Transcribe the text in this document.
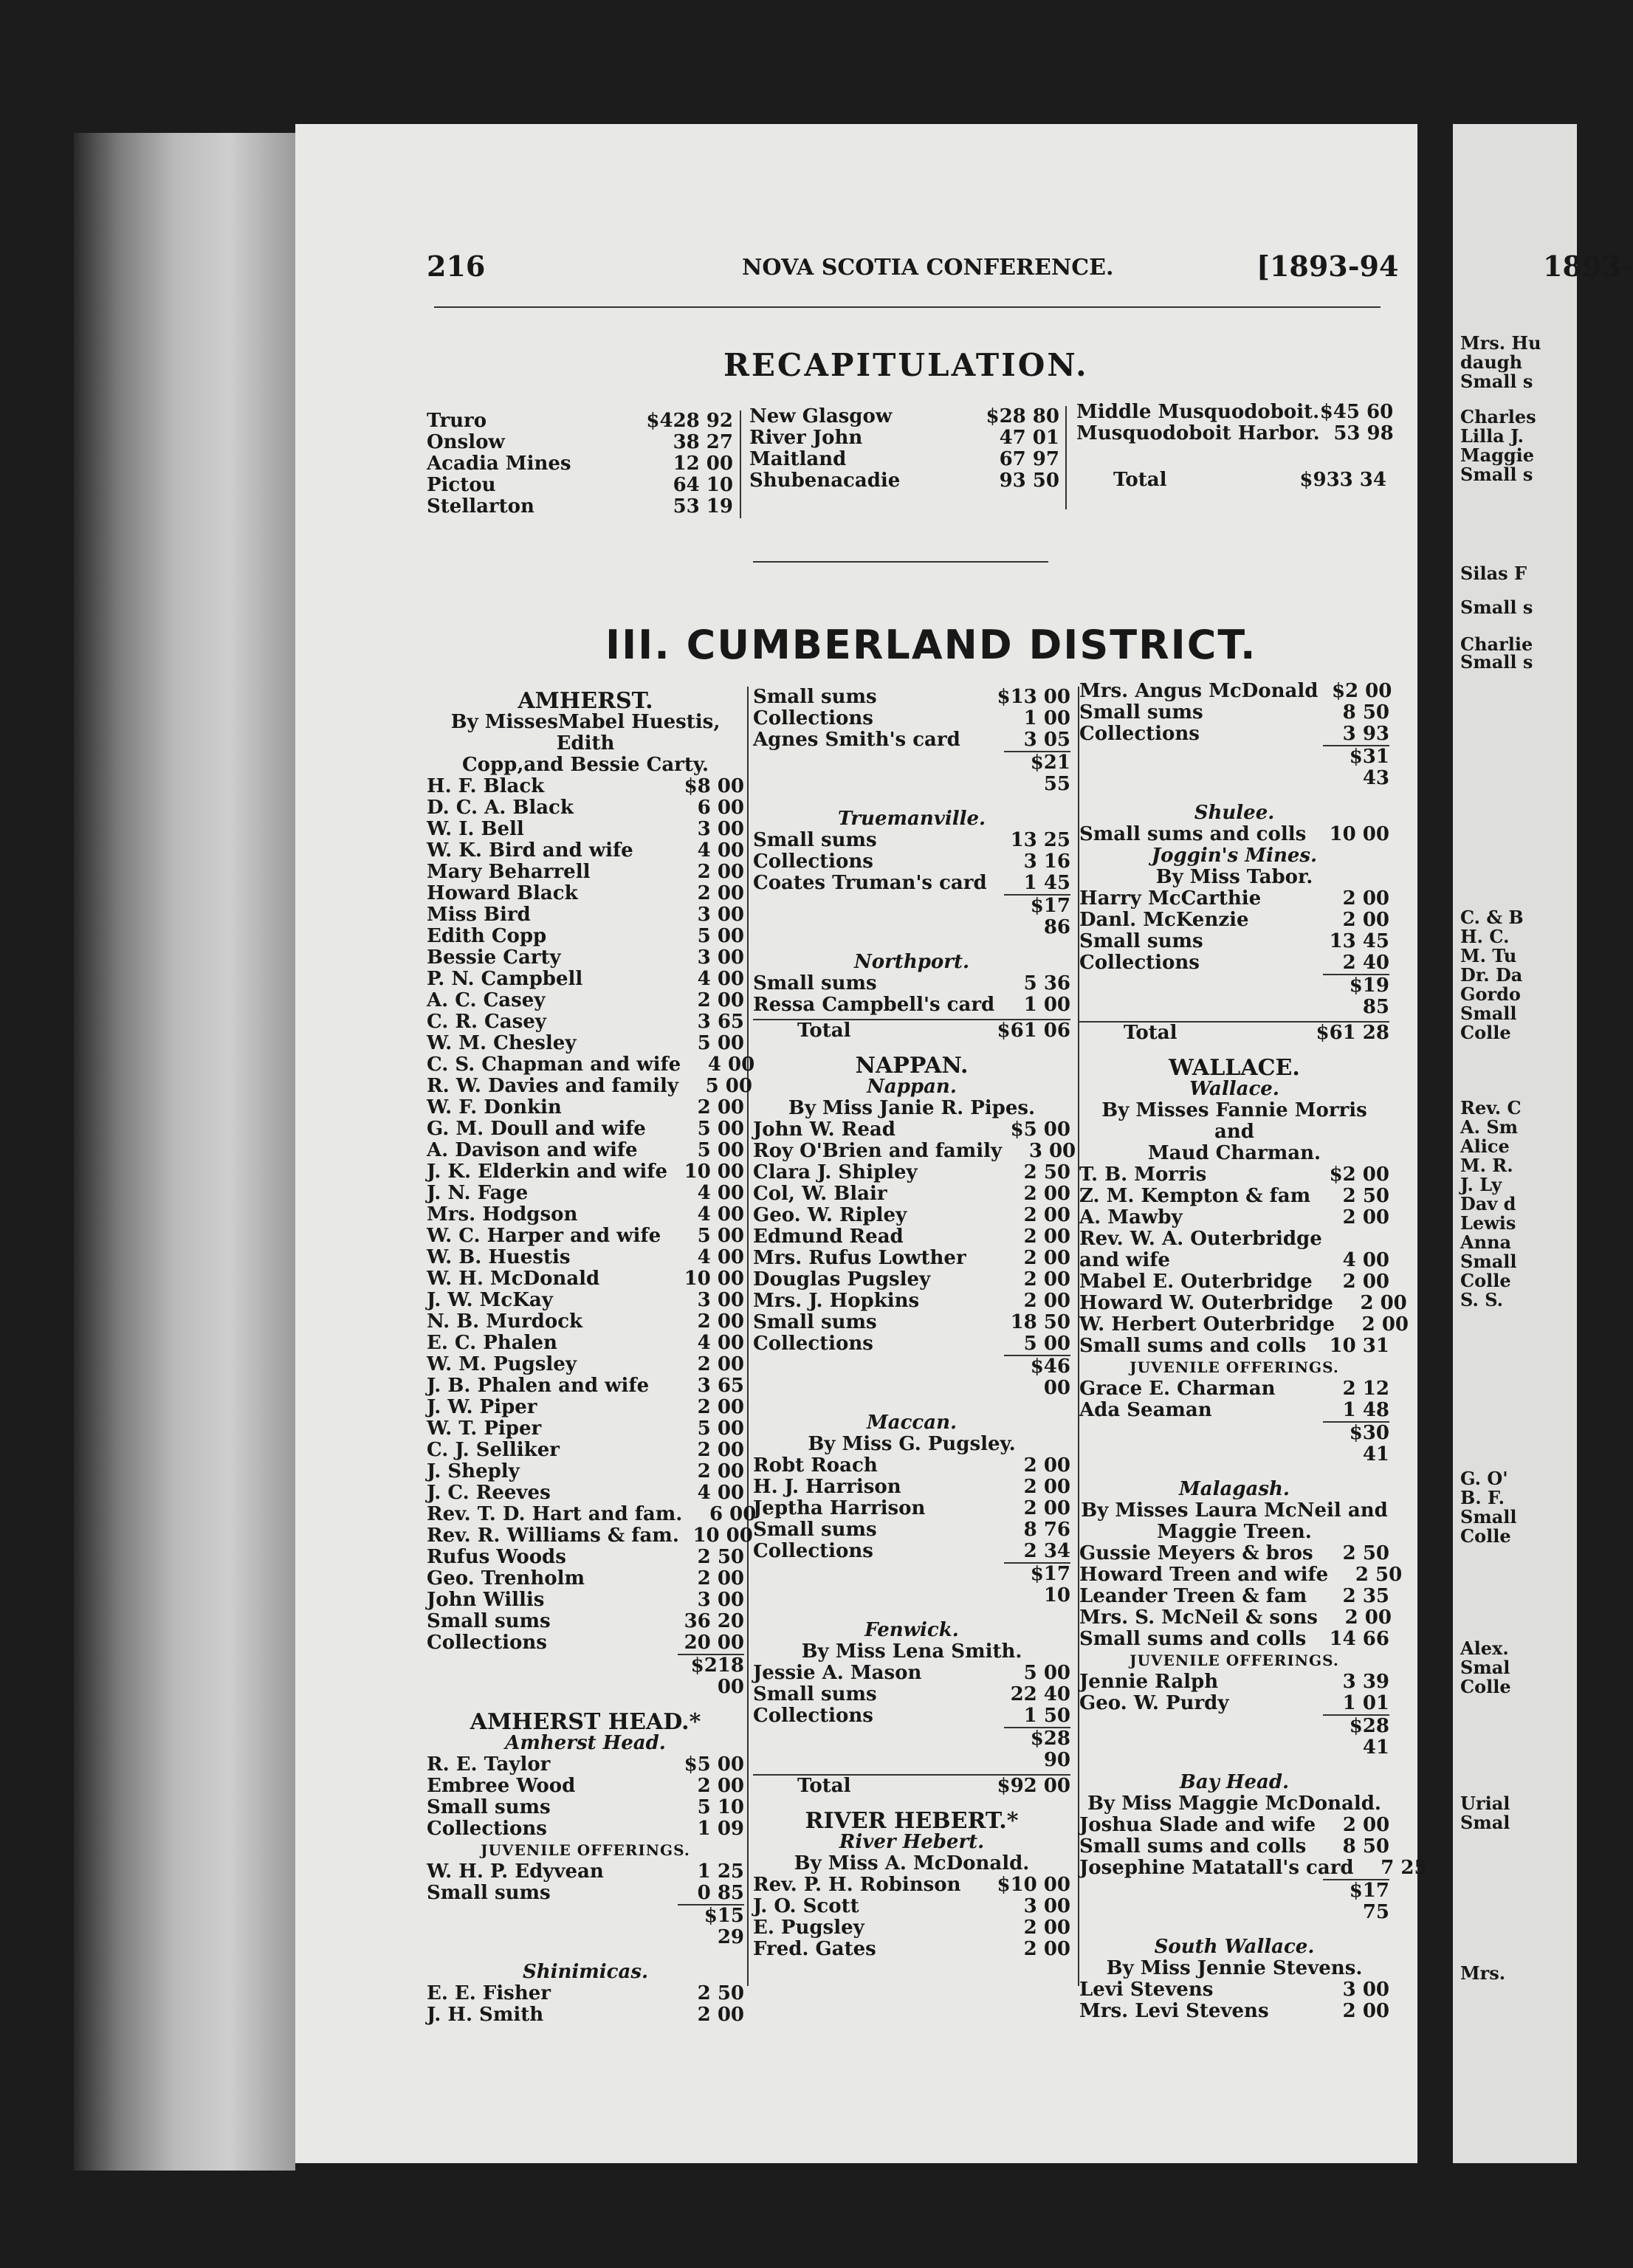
Mrs. Hu
daugh
Small s
Charles
Lilla J.
Maggie
Small s
Silas F
Small s
Charlie
Small s
C. & B
H. C.
M. Tu
Dr. Da
Gordo
Small
Colle
Rev. C
A. Sm
Alice
M. R.
J. Ly
Dav d
Lewis
Anna
Small
Colle
S. S.
G. O'
B. F.
Small
Colle
Alex.
Smal
Colle
Urial
Smal
Mrs.
216	NOVA SCOTIA CONFERENCE.	[1893-94
RECAPITULATION.
Truro	$428 92
Onslow	38 27
Acadia Mines	12 00
Pictou	64 10
Stellarton	53 19
New Glasgow	$28 80
River John	47 01
Maitland	67 97
Shubenacadie	93 50
Middle Musquodoboit. $45 60
Musquodoboit Harbor. 53 98
Total	$933 34
III. CUMBERLAND DISTRICT.
AMHERST.
By MissesMabel Huestis, Edith
Copp,and Bessie Carty.
H. F. Black	$8 00
D. C. A. Black	6 00
W. I. Bell	3 00
W. K. Bird and wife	4 00
Mary Beharrell	2 00
Howard Black	2 00
Miss Bird	3 00
Edith Copp	5 00
Bessie Carty	3 00
P. N. Campbell	4 00
A. C. Casey	2 00
C. R. Casey	3 65
W. M. Chesley	5 00
C. S. Chapman and wife	4 00
R. W. Davies and family	5 00
W. F. Donkin	2 00
G. M. Doull and wife	5 00
A. Davison and wife	5 00
J. K. Elderkin and wife 10 00
J. N. Fage	4 00
Mrs. Hodgson	4 00
W. C. Harper and wife	5 00
W. B. Huestis	4 00
W. H. McDonald	10 00
J. W. McKay	3 00
N. B. Murdock	2 00
E. C. Phalen	4 00
W. M. Pugsley	2 00
J. B. Phalen and wife	3 65
J. W. Piper	2 00
W. T. Piper	5 00
C. J. Selliker	2 00
J. Sheply	2 00
J. C. Reeves	4 00
Rev. T. D. Hart and fam.	6 00
Rev. R. Williams & fam. 10 00
Rufus Woods	2 50
Geo. Trenholm	2 00
John Willis	3 00
Small sums	36 20
Collections	20 00
$218 00
AMHERST HEAD.*
Amherst Head.
R. E. Taylor	$5 00
Embree Wood	2 00
Small sums	5 10
Collections	1 09
JUVENILE OFFERINGS.
W. H. P. Edyvean	1 25
Small sums	0 85
$15 29
Shinimicas.
E. E. Fisher	2 50
J. H. Smith	2 00
Small sums	$13 00
Collections	1 00
Agnes Smith's card	3 05
$21 55
Truemanville.
Small sums	13 25
Collections	3 16
Coates Truman's card	1 45
$17 86
Northport.
Small sums	5 36
Ressa Campbell's card	1 00
Total	$61 06
NAPPAN.
Nappan.
By Miss Janie R. Pipes.
John W. Read	$5 00
Roy O'Brien and family	3 00
Clara J. Shipley	2 50
Col, W. Blair	2 00
Geo. W. Ripley	2 00
Edmund Read	2 00
Mrs. Rufus Lowther	2 00
Douglas Pugsley	2 00
Mrs. J. Hopkins	2 00
Small sums	18 50
Collections	5 00
$46 00
Maccan.
By Miss G. Pugsley.
Robt Roach	2 00
H. J. Harrison	2 00
Jeptha Harrison	2 00
Small sums	8 76
Collections	2 34
$17 10
Fenwick.
By Miss Lena Smith.
Jessie A. Mason	5 00
Small sums	22 40
Collections	1 50
$28 90
Total	$92 00
RIVER HEBERT.*
River Hebert.
By Miss A. McDonald.
Rev. P. H. Robinson $10 00
J. O. Scott	3 00
E. Pugsley	2 00
Fred. Gates	2 00
Mrs. Angus McDonald $2 00
Small sums	8 50
Collections	3 93
$31 43
Shulee.
Small sums and colls	10 00
Joggin's Mines.
By Miss Tabor.
Harry McCarthie	2 00
Danl. McKenzie	2 00
Small sums	13 45
Collections	2 40
$19 85
Total	$61 28
WALLACE.
Wallace.
By Misses Fannie Morris and
Maud Charman.
T. B. Morris	$2 00
Z. M. Kempton & fam	2 50
A. Mawby	2 00
Rev. W. A. Outerbridge
and wife	4 00
Mabel E. Outerbridge	2 00
Howard W. Outerbridge	2 00
W. Herbert Outerbridge	2 00
Small sums and colls	10 31
JUVENILE OFFERINGS.
Grace E. Charman	2 12
Ada Seaman	1 48
$30 41
Malagash.
By Misses Laura McNeil and
Maggie Treen.
Gussie Meyers & bros	2 50
Howard Treen and wife	2 50
Leander Treen & fam	2 35
Mrs. S. McNeil & sons	2 00
Small sums and colls	14 66
JUVENILE OFFERINGS.
Jennie Ralph	3 39
Geo. W. Purdy	1 01
$28 41
Bay Head.
By Miss Maggie McDonald.
Joshua Slade and wife	2 00
Small sums and colls	8 50
Josephine Matatall's card	7 25
$17 75
South Wallace.
By Miss Jennie Stevens.
Levi Stevens	3 00
Mrs. Levi Stevens	2 00
1893-
